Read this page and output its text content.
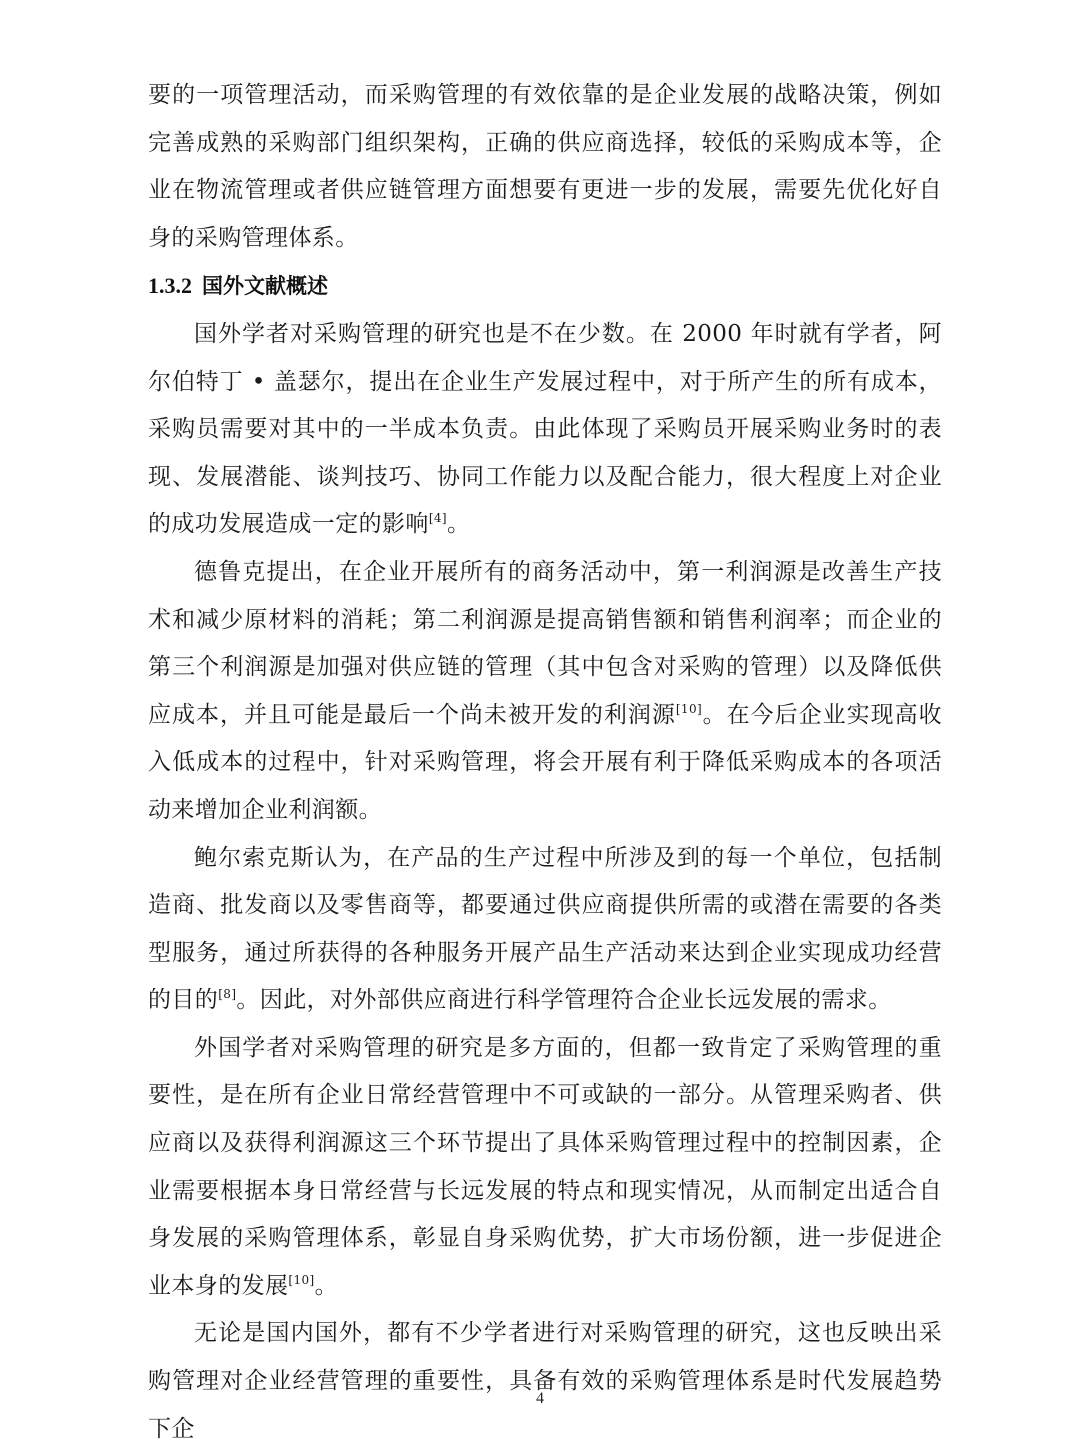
要的一项管理活动，而采购管理的有效依靠的是企业发展的战略决策，例如完善成熟的采购部门组织架构，正确的供应商选择，较低的采购成本等，企业在物流管理或者供应链管理方面想要有更进一步的发展，需要先优化好自身的采购管理体系。

1.3.2 国外文献概述

国外学者对采购管理的研究也是不在少数。在 2000 年时就有学者，阿尔伯特丁 • 盖瑟尔，提出在企业生产发展过程中，对于所产生的所有成本，采购员需要对其中的一半成本负责。由此体现了采购员开展采购业务时的表现、发展潜能、谈判技巧、协同工作能力以及配合能力，很大程度上对企业的成功发展造成一定的影响[4]。

德鲁克提出，在企业开展所有的商务活动中，第一利润源是改善生产技术和减少原材料的消耗；第二利润源是提高销售额和销售利润率；而企业的第三个利润源是加强对供应链的管理（其中包含对采购的管理）以及降低供应成本，并且可能是最后一个尚未被开发的利润源[10]。在今后企业实现高收入低成本的过程中，针对采购管理，将会开展有利于降低采购成本的各项活动来增加企业利润额。

鲍尔索克斯认为，在产品的生产过程中所涉及到的每一个单位，包括制造商、批发商以及零售商等，都要通过供应商提供所需的或潜在需要的各类型服务，通过所获得的各种服务开展产品生产活动来达到企业实现成功经营的目的[8]。因此，对外部供应商进行科学管理符合企业长远发展的需求。

外国学者对采购管理的研究是多方面的，但都一致肯定了采购管理的重要性，是在所有企业日常经营管理中不可或缺的一部分。从管理采购者、供应商以及获得利润源这三个环节提出了具体采购管理过程中的控制因素，企业需要根据本身日常经营与长远发展的特点和现实情况，从而制定出适合自身发展的采购管理体系，彰显自身采购优势，扩大市场份额，进一步促进企业本身的发展[10]。

无论是国内国外，都有不少学者进行对采购管理的研究，这也反映出采购管理对企业经营管理的重要性，具备有效的采购管理体系是时代发展趋势下企

4
